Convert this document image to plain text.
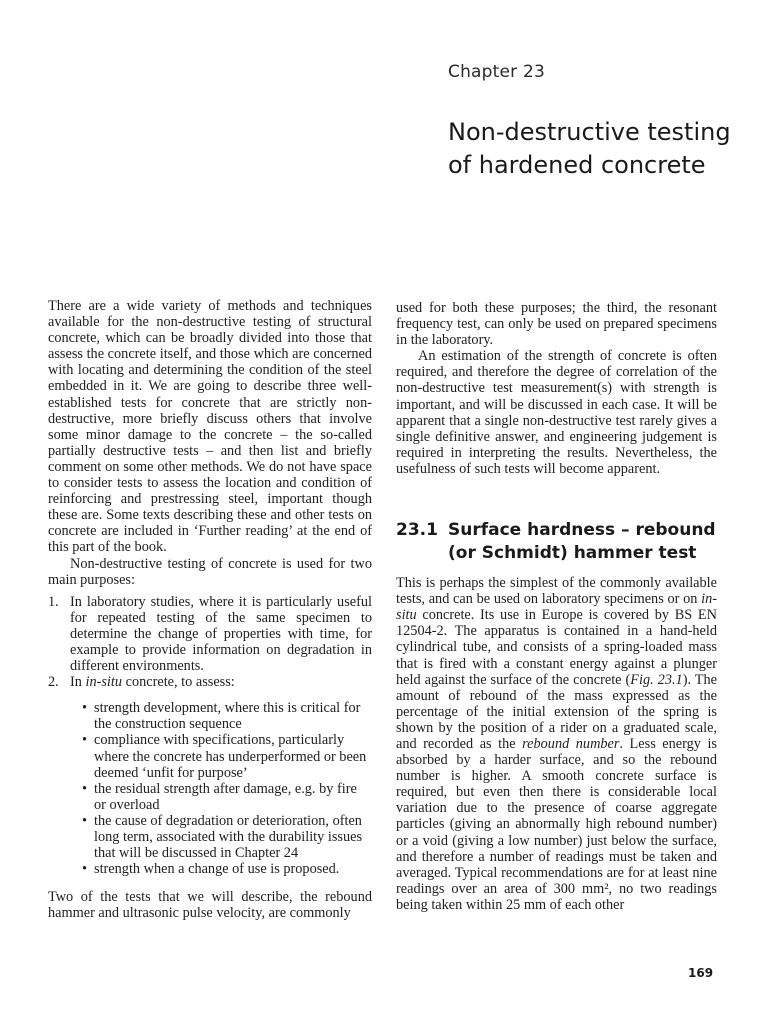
Chapter 23
Non-destructive testing of hardened concrete

There are a wide variety of methods and techniques available for the non-destructive testing of structural concrete, which can be broadly divided into those that assess the concrete itself, and those which are concerned with locating and determining the condition of the steel embedded in it. We are going to describe three well-established tests for concrete that are strictly non-destructive, more briefly discuss others that involve some minor damage to the concrete – the so-called partially destructive tests – and then list and briefly comment on some other methods. We do not have space to consider tests to assess the location and condition of reinforcing and prestressing steel, important though these are. Some texts describing these and other tests on concrete are included in ‘Further reading’ at the end of this part of the book.

Non-destructive testing of concrete is used for two main purposes:

1. In laboratory studies, where it is particularly useful for repeated testing of the same specimen to determine the change of properties with time, for example to provide information on degradation in different environments.
2. In in-situ concrete, to assess:
• strength development, where this is critical for the construction sequence
• compliance with specifications, particularly where the concrete has underperformed or been deemed ‘unfit for purpose’
• the residual strength after damage, e.g. by fire or overload
• the cause of degradation or deterioration, often long term, associated with the durability issues that will be discussed in Chapter 24
• strength when a change of use is proposed.

Two of the tests that we will describe, the rebound hammer and ultrasonic pulse velocity, are commonly

used for both these purposes; the third, the resonant frequency test, can only be used on prepared specimens in the laboratory.

An estimation of the strength of concrete is often required, and therefore the degree of correlation of the non-destructive test measurement(s) with strength is important, and will be discussed in each case. It will be apparent that a single non-destructive test rarely gives a single definitive answer, and engineering judgement is required in interpreting the results. Nevertheless, the usefulness of such tests will become apparent.

23.1 Surface hardness – rebound (or Schmidt) hammer test

This is perhaps the simplest of the commonly available tests, and can be used on laboratory specimens or on in-situ concrete. Its use in Europe is covered by BS EN 12504-2. The apparatus is contained in a hand-held cylindrical tube, and consists of a spring-loaded mass that is fired with a constant energy against a plunger held against the surface of the concrete (Fig. 23.1). The amount of rebound of the mass expressed as the percentage of the initial extension of the spring is shown by the position of a rider on a graduated scale, and recorded as the rebound number. Less energy is absorbed by a harder surface, and so the rebound number is higher. A smooth concrete surface is required, but even then there is considerable local variation due to the presence of coarse aggregate particles (giving an abnormally high rebound number) or a void (giving a low number) just below the surface, and therefore a number of readings must be taken and averaged. Typical recommendations are for at least nine readings over an area of 300 mm², no two readings being taken within 25 mm of each other

169
